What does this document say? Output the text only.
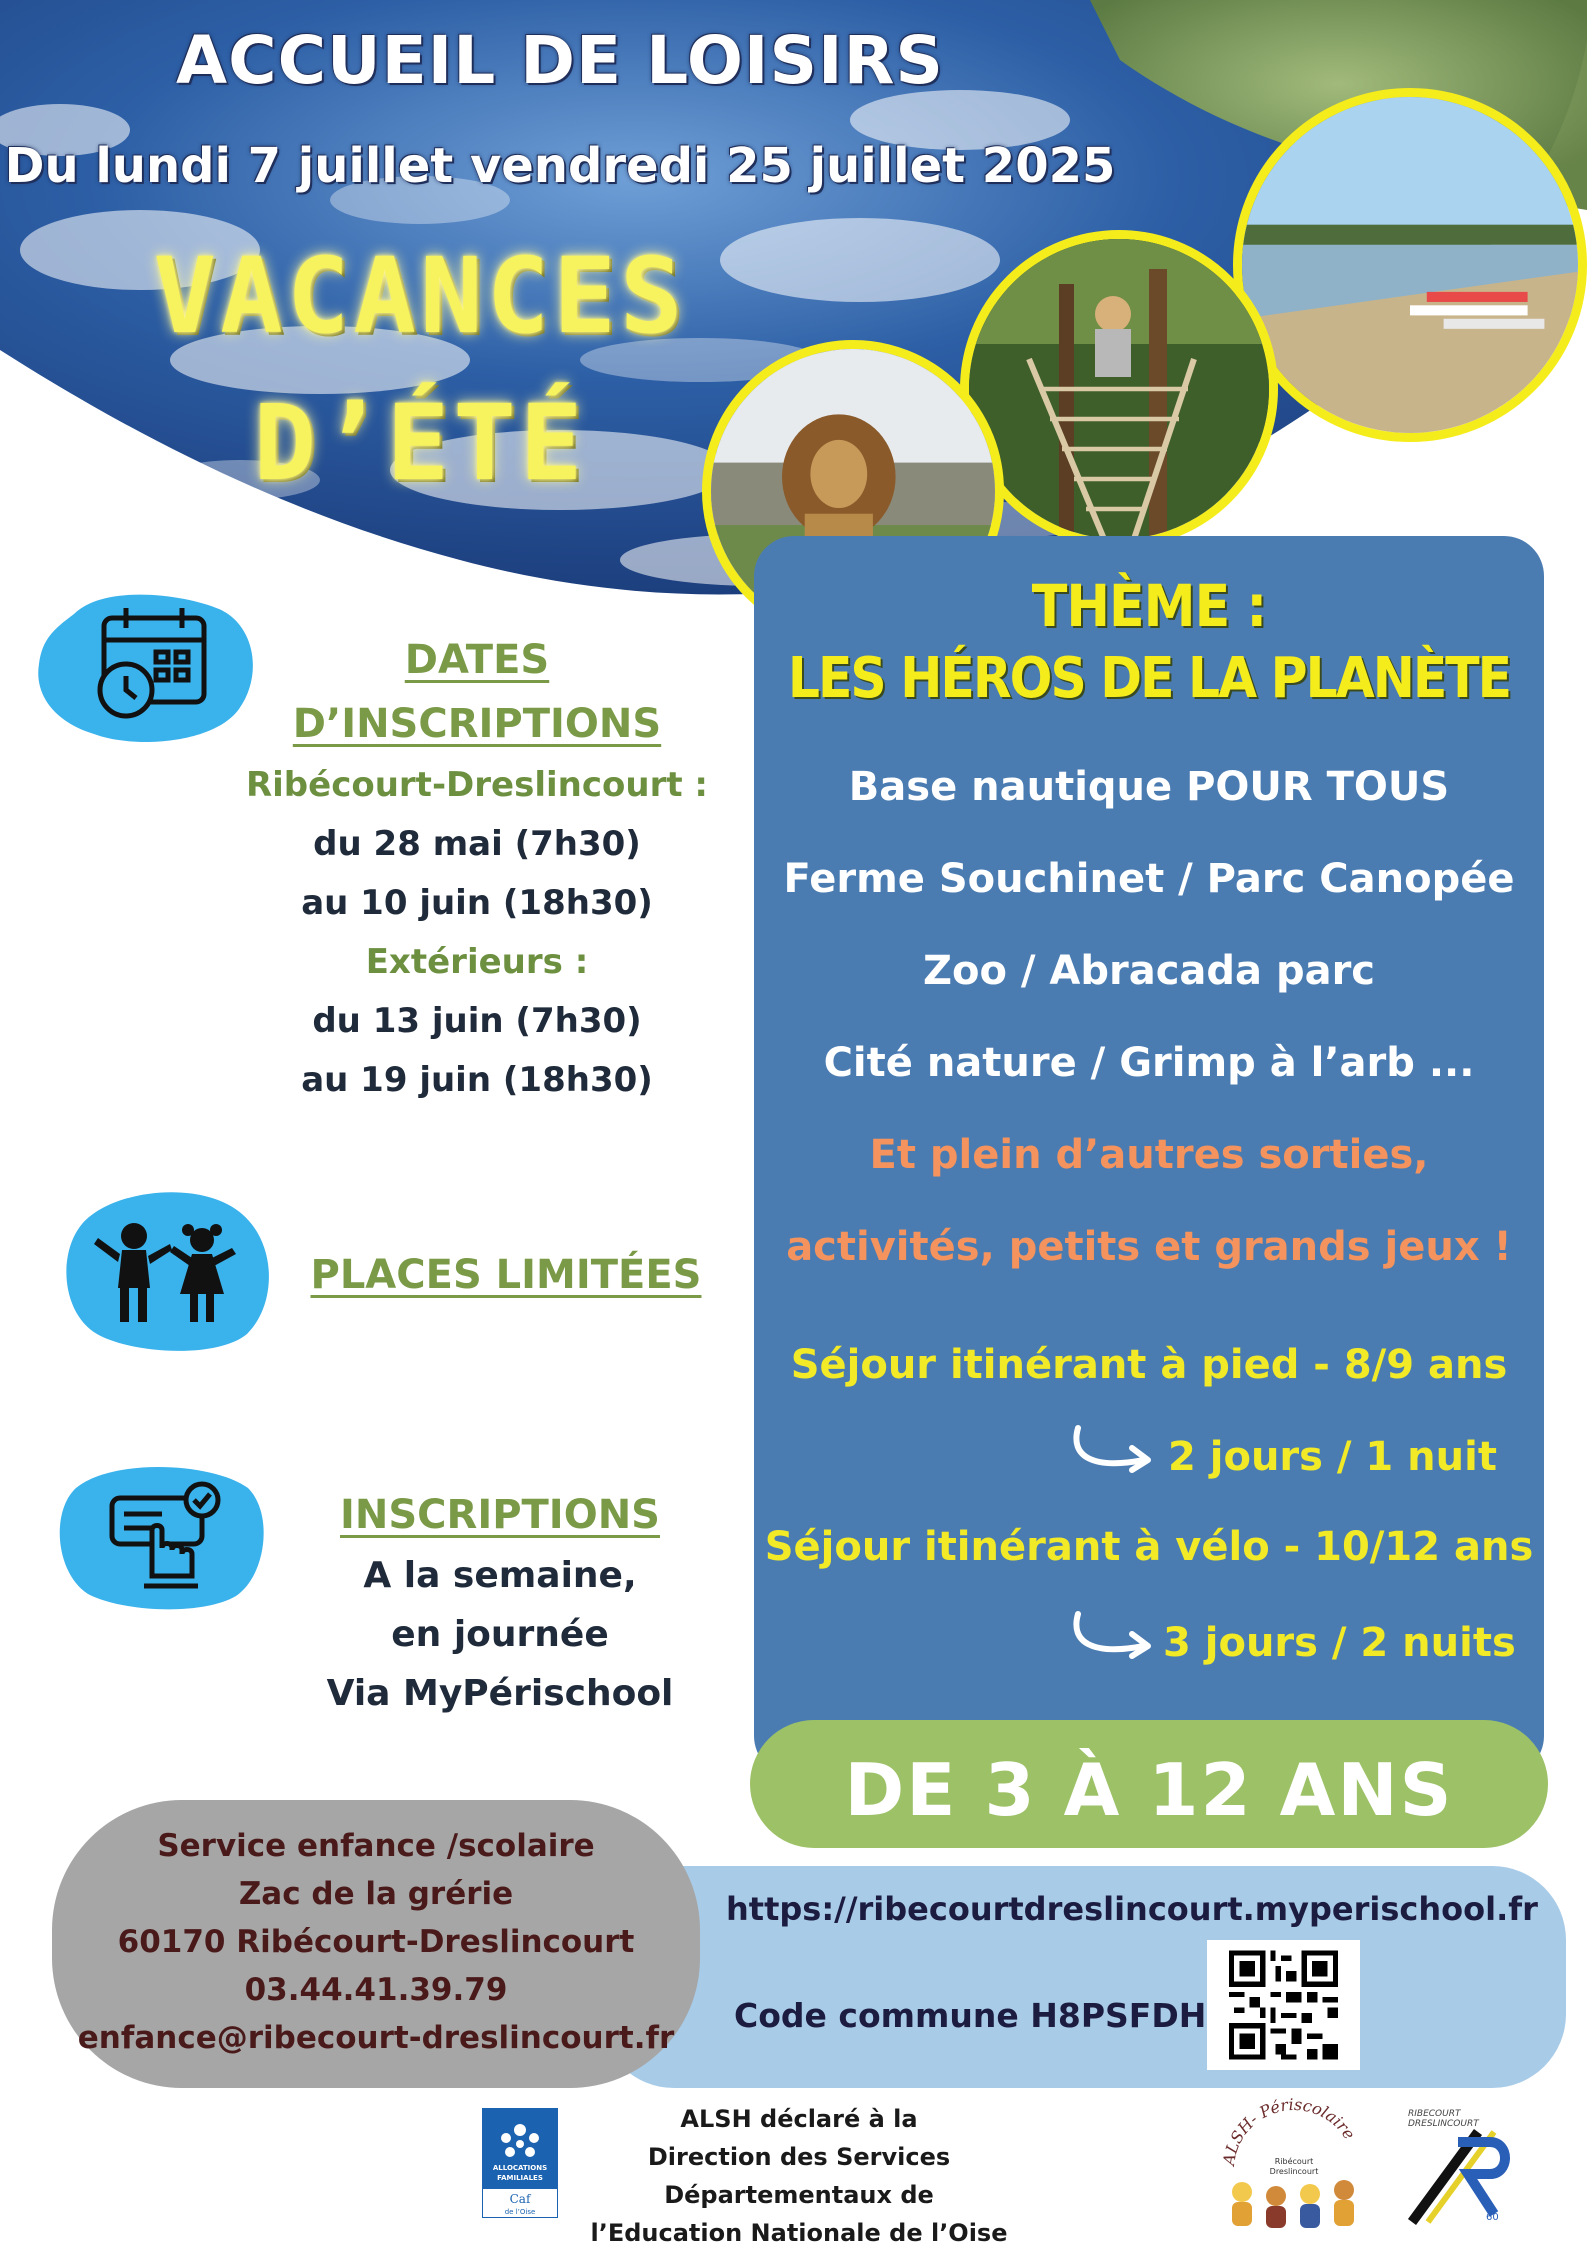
ACCUEIL DE LOISIRS
Du lundi 7 juillet vendredi 25 juillet 2025
VACANCES
D’ÉTÉ
DATES
D’INSCRIPTIONS
Ribécourt-Dreslincourt :
du 28 mai (7h30)
au 10 juin (18h30)
Extérieurs :
du 13 juin (7h30)
au 19 juin (18h30)
PLACES LIMITÉES
INSCRIPTIONS
A la semaine,
en journée
Via MyPérischool
THÈME :
LES HÉROS DE LA PLANÈTE
Base nautique POUR TOUS
Ferme Souchinet / Parc Canopée
Zoo / Abracada parc
Cité nature / Grimp à l’arb ...
Et plein d’autres sorties,
activités, petits et grands jeux !
Séjour itinérant à pied - 8/9 ans
2 jours / 1 nuit
Séjour itinérant à vélo - 10/12 ans
3 jours / 2 nuits
DE 3 À 12 ANS
Service enfance /scolaire
Zac de la grérie
60170 Ribécourt-Dreslincourt
03.44.41.39.79
enfance@ribecourt-dreslincourt.fr
https://ribecourtdreslincourt.myperischool.fr
Code commune H8PSFDH
ALLOCATIONS
FAMILIALES
Caf
de l’Oise
ALSH déclaré à la
Direction des Services Départementaux de
l’Education Nationale de l’Oise
ALSH- Périscolaire
Ribécourt
Dreslincourt
RIBECOURT
DRESLINCOURT
60
